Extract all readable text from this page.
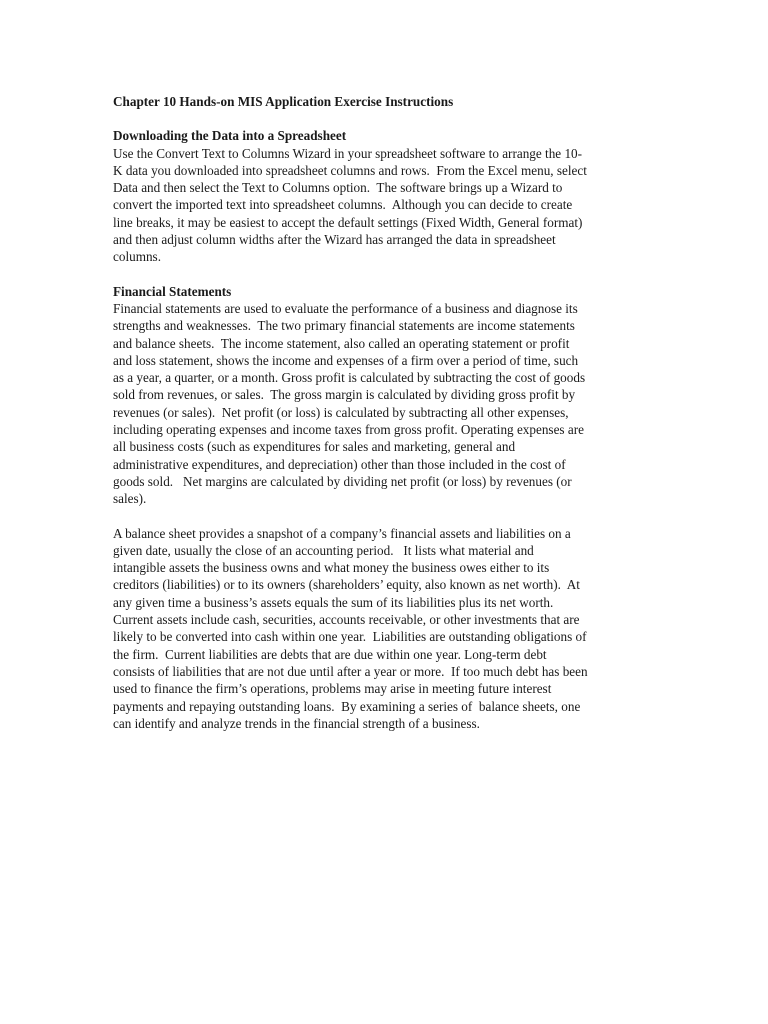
Chapter 10 Hands-on MIS Application Exercise Instructions
Downloading the Data into a Spreadsheet

Use the Convert Text to Columns Wizard in your spreadsheet software to arrange the 10-
K data you downloaded into spreadsheet columns and rows.  From the Excel menu, select
Data and then select the Text to Columns option.  The software brings up a Wizard to
convert the imported text into spreadsheet columns.  Although you can decide to create
line breaks, it may be easiest to accept the default settings (Fixed Width, General format)
and then adjust column widths after the Wizard has arranged the data in spreadsheet
columns.

Financial Statements

Financial statements are used to evaluate the performance of a business and diagnose its
strengths and weaknesses.  The two primary financial statements are income statements
and balance sheets.  The income statement, also called an operating statement or profit
and loss statement, shows the income and expenses of a firm over a period of time, such
as a year, a quarter, or a month. Gross profit is calculated by subtracting the cost of goods
sold from revenues, or sales.  The gross margin is calculated by dividing gross profit by
revenues (or sales).  Net profit (or loss) is calculated by subtracting all other expenses,
including operating expenses and income taxes from gross profit. Operating expenses are
all business costs (such as expenditures for sales and marketing, general and
administrative expenditures, and depreciation) other than those included in the cost of
goods sold.   Net margins are calculated by dividing net profit (or loss) by revenues (or
sales).

A balance sheet provides a snapshot of a company’s financial assets and liabilities on a
given date, usually the close of an accounting period.   It lists what material and
intangible assets the business owns and what money the business owes either to its
creditors (liabilities) or to its owners (shareholders’ equity, also known as net worth).  At
any given time a business’s assets equals the sum of its liabilities plus its net worth.
Current assets include cash, securities, accounts receivable, or other investments that are
likely to be converted into cash within one year.  Liabilities are outstanding obligations of
the firm.  Current liabilities are debts that are due within one year. Long-term debt
consists of liabilities that are not due until after a year or more.  If too much debt has been
used to finance the firm’s operations, problems may arise in meeting future interest
payments and repaying outstanding loans.  By examining a series of  balance sheets, one
can identify and analyze trends in the financial strength of a business.
